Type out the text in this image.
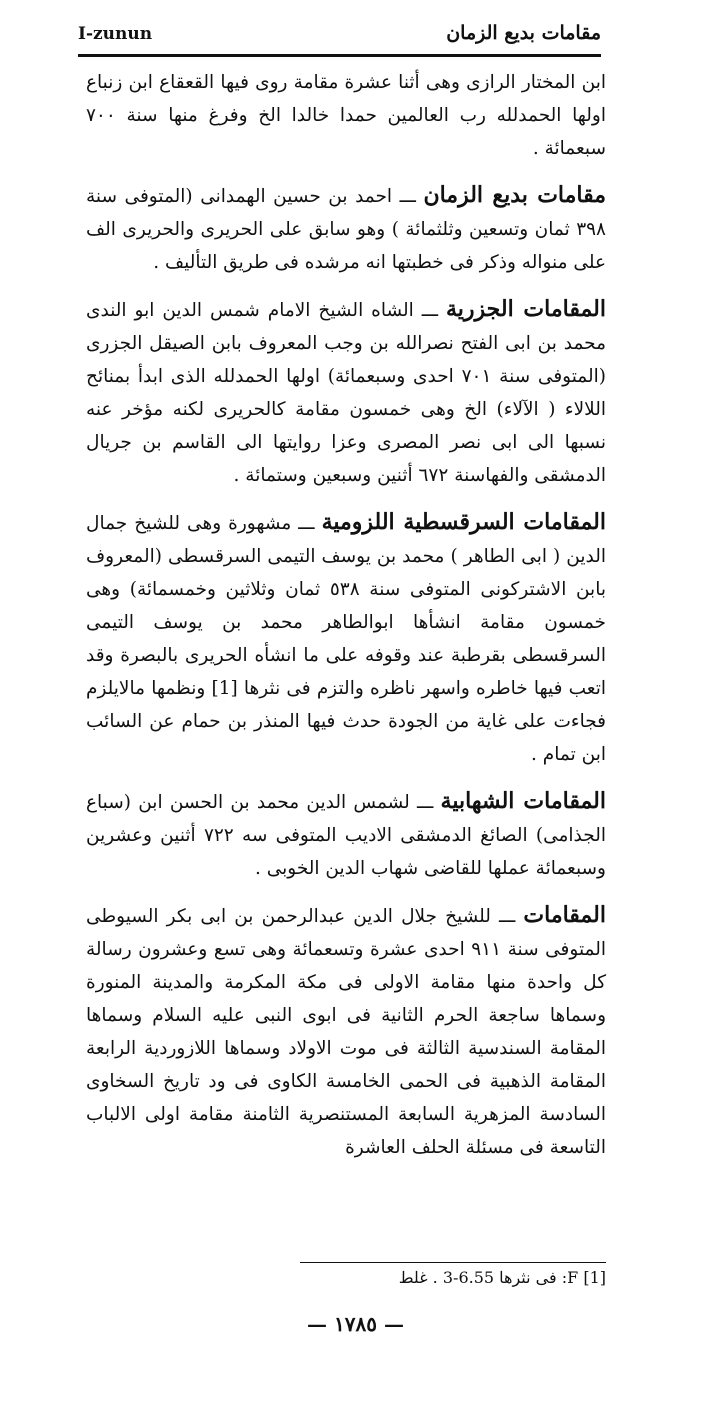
I-zunun	مقامات بديع الزمان

ابن المختار الرازى وهى أثنا عشرة مقامة روى فيها القعقاع ابن زنباع اولها الحمدلله رب العالمين حمدا خالدا الخ وفرغ منها سنة ٧٠٠ سبعمائة .

مقامات بديع الزمان ـــ احمد بن حسين الهمدانى (المتوفى سنة ٣٩٨ ثمان وتسعين وثلثمائة ) وهو سابق على الحريرى والحريرى الف على منواله وذكر فى خطبتها انه مرشده فى طريق التأليف .

المقامات الجزرية ـــ الشاه الشيخ الامام شمس الدين ابو الندى محمد بن ابى الفتح نصرالله بن وجب المعروف بابن الصيقل الجزرى (المتوفى سنة ٧٠١ احدى وسبعمائة) اولها الحمدلله الذى ابدأ بمنائح اللالاء ( الآلاء) الخ وهى خمسون مقامة كالحريرى لكنه مؤخر عنه نسبها الى ابى نصر المصرى وعزا روايتها الى القاسم بن جريال الدمشقى والفهاسنة ٦٧٢ أثنين وسبعين وستمائة .

المقامات السرقسطية اللزومية ـــ مشهورة وهى للشيخ جمال الدين ( ابى الطاهر ) محمد بن يوسف التيمى السرقسطى (المعروف بابن الاشتركونى المتوفى سنة ٥٣٨ ثمان وثلاثين وخمسمائة) وهى خمسون مقامة انشأها ابوالطاهر محمد بن يوسف التيمى السرقسطى بقرطبة عند وقوفه على ما انشأه الحريرى بالبصرة وقد اتعب فيها خاطره واسهر ناظره والتزم فى نثرها [1] ونظمها مالايلزم فجاءت على غاية من الجودة حدث فيها المنذر بن حمام عن السائب ابن تمام .

المقامات الشهابية ـــ لشمس الدين محمد بن الحسن ابن (سباع الجذامى) الصائغ الدمشقى الاديب المتوفى سه ٧٢٢ أثنين وعشرين وسبعمائة عملها للقاضى شهاب الدين الخوبى .

المقامات ـــ للشيخ جلال الدين عبدالرحمن بن ابى بكر السيوطى المتوفى سنة ٩١١ احدى عشرة وتسعمائة وهى تسع وعشرون رسالة كل واحدة منها مقامة الاولى فى مكة المكرمة والمدينة المنورة وسماها ساجعة الحرم الثانية فى ابوى النبى عليه السلام وسماها المقامة السندسية الثالثة فى موت الاولاد وسماها اللازوردية الرابعة المقامة الذهبية فى الحمى الخامسة الكاوى فى ود تاريخ السخاوى السادسة المزهرية السابعة المستنصرية الثامنة مقامة اولى الالباب التاسعة فى مسئلة الحلف العاشرة

[1] F: فى نثرها 6.55-3 . غلط
— ١٧٨٥ —
